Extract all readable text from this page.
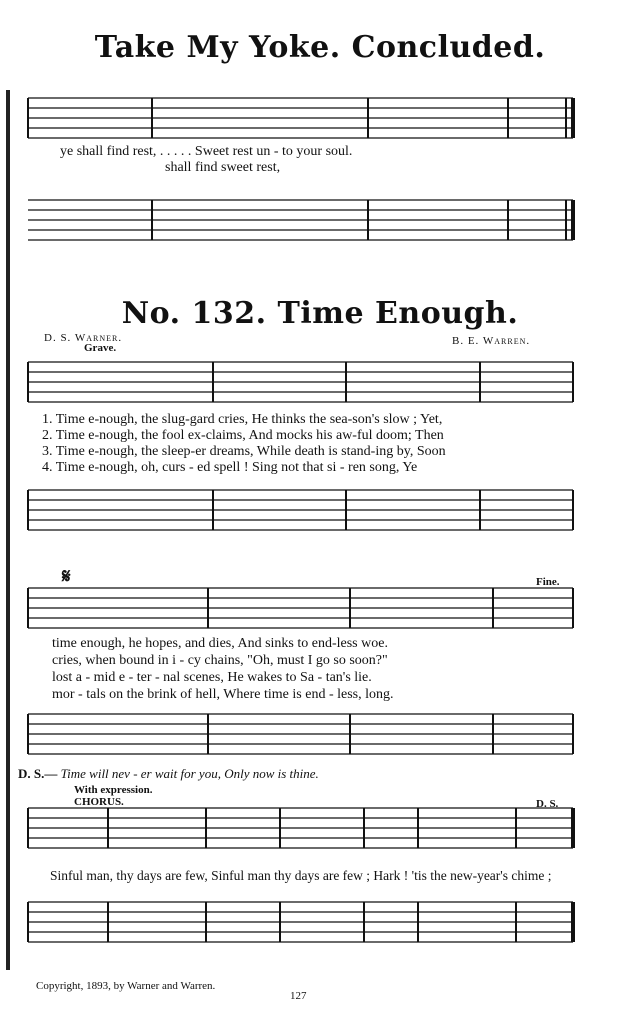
Take My Yoke. Concluded.
ye shall find rest, . . . . . Sweet rest un - to your soul.
shall find sweet rest,
No. 132. Time Enough.
D. S. Warner.	B. E. Warren.
Grave.
1. Time e-nough, the slug-gard cries, He thinks the sea-son's slow ; Yet,
2. Time e-nough, the fool ex-claims, And mocks his aw-ful doom; Then
3. Time e-nough, the sleep-er dreams, While death is stand-ing by, Soon
4. Time e-nough, oh, curs - ed spell ! Sing not that si - ren song, Ye
𝄋	Fine.
time enough, he hopes, and dies, And sinks to end-less woe.
cries, when bound in i - cy chains, "Oh, must I go so soon?"
lost a - mid e - ter - nal scenes, He wakes to Sa - tan's lie.
mor - tals on the brink of hell, Where time is end - less, long.
D. S.— Time will nev - er wait for you, Only now is thine.
With expression.
CHORUS.	D. S.
Sinful man, thy days are few, Sinful man thy days are few ; Hark ! 'tis the new-year's chime ;
Copyright, 1893, by Warner and Warren.
127
